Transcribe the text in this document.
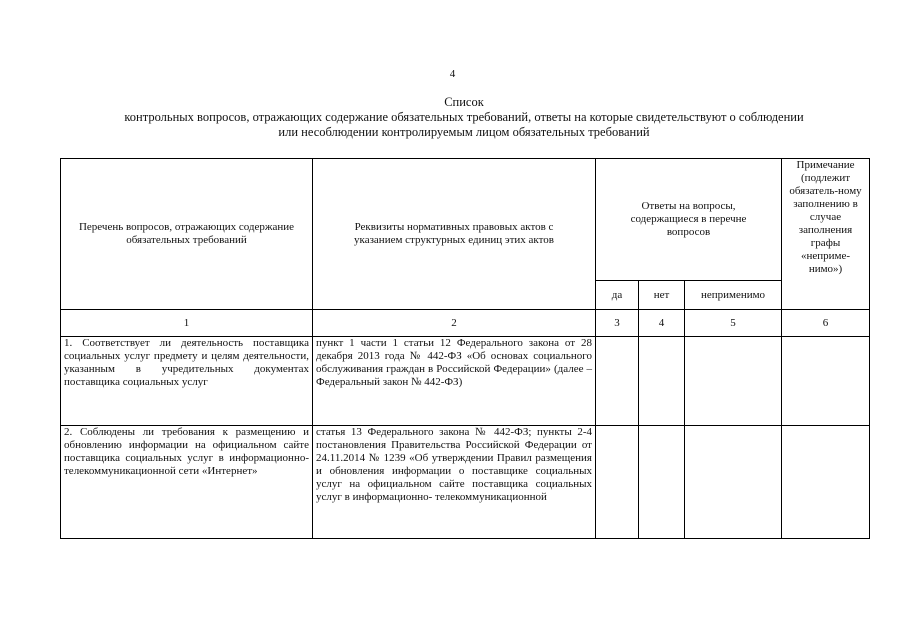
4
Список
контрольных вопросов, отражающих содержание обязательных требований, ответы на которые свидетельствуют о соблюдении
или несоблюдении контролируемым лицом обязательных требований
Перечень вопросов, отражающих содержание обязательных требований	Реквизиты нормативных правовых актов с указанием структурных единиц этих актов	Ответы на вопросы, содержащиеся в перечне вопросов			Примечание (подлежит обязатель-ному заполнению в случае заполнения графы «неприме-нимо»)
		да	нет	неприменимо	
1	2	3	4	5	6
1. Соответствует ли деятельность поставщика социальных услуг предмету и целям деятельности, указанным в учредительных документах поставщика социальных услуг	пункт 1 части 1 статьи 12 Федерального закона от 28 декабря 2013 года № 442-ФЗ «Об основах социального обслуживания граждан в Российской Федерации» (далее – Федеральный закон № 442-ФЗ)				
2. Соблюдены ли требования к размещению и обновлению информации на официальном сайте поставщика социальных услуг в информационно-телекоммуникационной сети «Интернет»	статья 13 Федерального закона № 442-ФЗ; пункты 2-4 постановления Правительства Российской Федерации от 24.11.2014 № 1239 «Об утверждении Правил размещения и обновления информации о поставщике социальных услуг на официальном сайте поставщика социальных услуг в информационно- телекоммуникационной				
